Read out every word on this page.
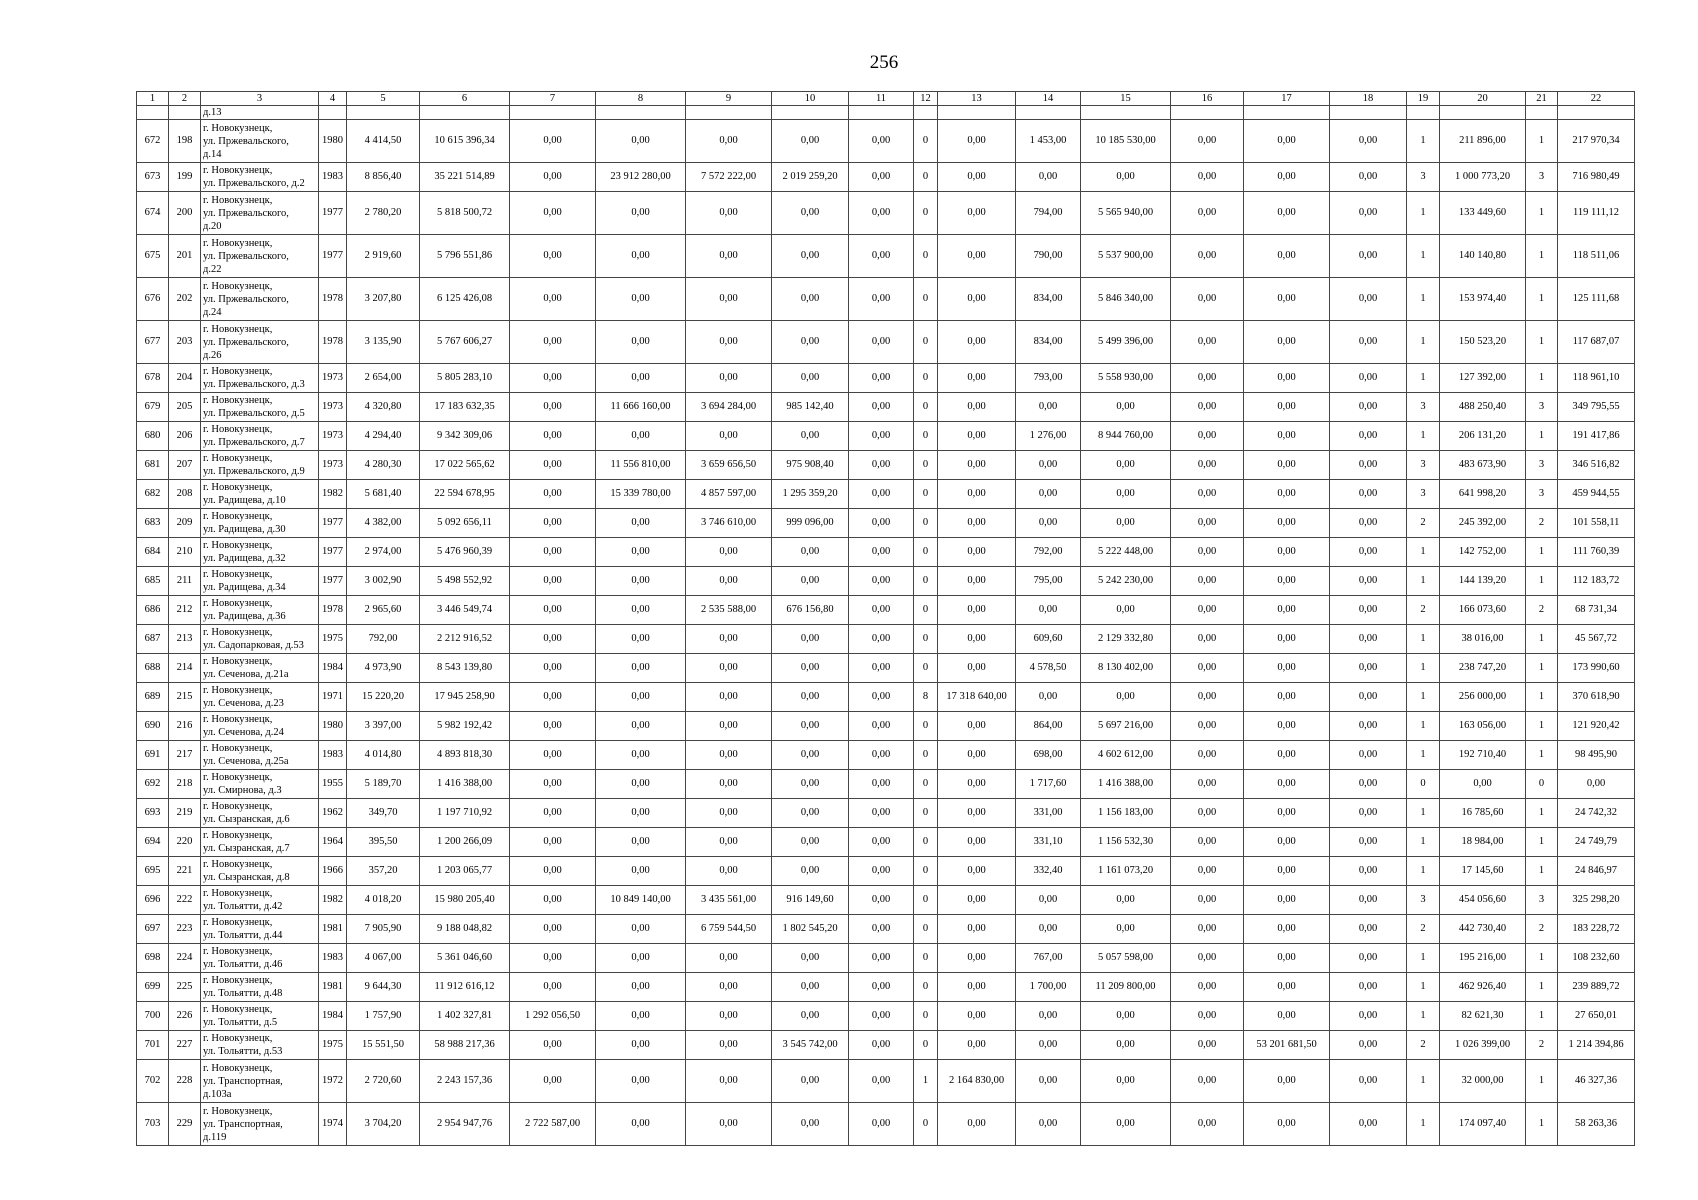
256
1	2	3	4	5	6	7	8	9	10	11	12	13	14	15	16	17	18	19	20	21	22
		д.13																			
672	198	г. Новокузнецк,
ул. Пржевальского,
д.14	1980	4 414,50	10 615 396,34	0,00	0,00	0,00	0,00	0,00	0	0,00	1 453,00	10 185 530,00	0,00	0,00	0,00	1	211 896,00	1	217 970,34
673	199	г. Новокузнецк,
ул. Пржевальского, д.2	1983	8 856,40	35 221 514,89	0,00	23 912 280,00	7 572 222,00	2 019 259,20	0,00	0	0,00	0,00	0,00	0,00	0,00	0,00	3	1 000 773,20	3	716 980,49
674	200	г. Новокузнецк,
ул. Пржевальского,
д.20	1977	2 780,20	5 818 500,72	0,00	0,00	0,00	0,00	0,00	0	0,00	794,00	5 565 940,00	0,00	0,00	0,00	1	133 449,60	1	119 111,12
675	201	г. Новокузнецк,
ул. Пржевальского,
д.22	1977	2 919,60	5 796 551,86	0,00	0,00	0,00	0,00	0,00	0	0,00	790,00	5 537 900,00	0,00	0,00	0,00	1	140 140,80	1	118 511,06
676	202	г. Новокузнецк,
ул. Пржевальского,
д.24	1978	3 207,80	6 125 426,08	0,00	0,00	0,00	0,00	0,00	0	0,00	834,00	5 846 340,00	0,00	0,00	0,00	1	153 974,40	1	125 111,68
677	203	г. Новокузнецк,
ул. Пржевальского,
д.26	1978	3 135,90	5 767 606,27	0,00	0,00	0,00	0,00	0,00	0	0,00	834,00	5 499 396,00	0,00	0,00	0,00	1	150 523,20	1	117 687,07
678	204	г. Новокузнецк,
ул. Пржевальского, д.3	1973	2 654,00	5 805 283,10	0,00	0,00	0,00	0,00	0,00	0	0,00	793,00	5 558 930,00	0,00	0,00	0,00	1	127 392,00	1	118 961,10
679	205	г. Новокузнецк,
ул. Пржевальского, д.5	1973	4 320,80	17 183 632,35	0,00	11 666 160,00	3 694 284,00	985 142,40	0,00	0	0,00	0,00	0,00	0,00	0,00	0,00	3	488 250,40	3	349 795,55
680	206	г. Новокузнецк,
ул. Пржевальского, д.7	1973	4 294,40	9 342 309,06	0,00	0,00	0,00	0,00	0,00	0	0,00	1 276,00	8 944 760,00	0,00	0,00	0,00	1	206 131,20	1	191 417,86
681	207	г. Новокузнецк,
ул. Пржевальского, д.9	1973	4 280,30	17 022 565,62	0,00	11 556 810,00	3 659 656,50	975 908,40	0,00	0	0,00	0,00	0,00	0,00	0,00	0,00	3	483 673,90	3	346 516,82
682	208	г. Новокузнецк,
ул. Радищева, д.10	1982	5 681,40	22 594 678,95	0,00	15 339 780,00	4 857 597,00	1 295 359,20	0,00	0	0,00	0,00	0,00	0,00	0,00	0,00	3	641 998,20	3	459 944,55
683	209	г. Новокузнецк,
ул. Радищева, д.30	1977	4 382,00	5 092 656,11	0,00	0,00	3 746 610,00	999 096,00	0,00	0	0,00	0,00	0,00	0,00	0,00	0,00	2	245 392,00	2	101 558,11
684	210	г. Новокузнецк,
ул. Радищева, д.32	1977	2 974,00	5 476 960,39	0,00	0,00	0,00	0,00	0,00	0	0,00	792,00	5 222 448,00	0,00	0,00	0,00	1	142 752,00	1	111 760,39
685	211	г. Новокузнецк,
ул. Радищева, д.34	1977	3 002,90	5 498 552,92	0,00	0,00	0,00	0,00	0,00	0	0,00	795,00	5 242 230,00	0,00	0,00	0,00	1	144 139,20	1	112 183,72
686	212	г. Новокузнецк,
ул. Радищева, д.36	1978	2 965,60	3 446 549,74	0,00	0,00	2 535 588,00	676 156,80	0,00	0	0,00	0,00	0,00	0,00	0,00	0,00	2	166 073,60	2	68 731,34
687	213	г. Новокузнецк,
ул. Садопарковая, д.53	1975	792,00	2 212 916,52	0,00	0,00	0,00	0,00	0,00	0	0,00	609,60	2 129 332,80	0,00	0,00	0,00	1	38 016,00	1	45 567,72
688	214	г. Новокузнецк,
ул. Сеченова, д.21а	1984	4 973,90	8 543 139,80	0,00	0,00	0,00	0,00	0,00	0	0,00	4 578,50	8 130 402,00	0,00	0,00	0,00	1	238 747,20	1	173 990,60
689	215	г. Новокузнецк,
ул. Сеченова, д.23	1971	15 220,20	17 945 258,90	0,00	0,00	0,00	0,00	0,00	8	17 318 640,00	0,00	0,00	0,00	0,00	0,00	1	256 000,00	1	370 618,90
690	216	г. Новокузнецк,
ул. Сеченова, д.24	1980	3 397,00	5 982 192,42	0,00	0,00	0,00	0,00	0,00	0	0,00	864,00	5 697 216,00	0,00	0,00	0,00	1	163 056,00	1	121 920,42
691	217	г. Новокузнецк,
ул. Сеченова, д.25а	1983	4 014,80	4 893 818,30	0,00	0,00	0,00	0,00	0,00	0	0,00	698,00	4 602 612,00	0,00	0,00	0,00	1	192 710,40	1	98 495,90
692	218	г. Новокузнецк,
ул. Смирнова, д.3	1955	5 189,70	1 416 388,00	0,00	0,00	0,00	0,00	0,00	0	0,00	1 717,60	1 416 388,00	0,00	0,00	0,00	0	0,00	0	0,00
693	219	г. Новокузнецк,
ул. Сызранская, д.6	1962	349,70	1 197 710,92	0,00	0,00	0,00	0,00	0,00	0	0,00	331,00	1 156 183,00	0,00	0,00	0,00	1	16 785,60	1	24 742,32
694	220	г. Новокузнецк,
ул. Сызранская, д.7	1964	395,50	1 200 266,09	0,00	0,00	0,00	0,00	0,00	0	0,00	331,10	1 156 532,30	0,00	0,00	0,00	1	18 984,00	1	24 749,79
695	221	г. Новокузнецк,
ул. Сызранская, д.8	1966	357,20	1 203 065,77	0,00	0,00	0,00	0,00	0,00	0	0,00	332,40	1 161 073,20	0,00	0,00	0,00	1	17 145,60	1	24 846,97
696	222	г. Новокузнецк,
ул. Тольятти, д.42	1982	4 018,20	15 980 205,40	0,00	10 849 140,00	3 435 561,00	916 149,60	0,00	0	0,00	0,00	0,00	0,00	0,00	0,00	3	454 056,60	3	325 298,20
697	223	г. Новокузнецк,
ул. Тольятти, д.44	1981	7 905,90	9 188 048,82	0,00	0,00	6 759 544,50	1 802 545,20	0,00	0	0,00	0,00	0,00	0,00	0,00	0,00	2	442 730,40	2	183 228,72
698	224	г. Новокузнецк,
ул. Тольятти, д.46	1983	4 067,00	5 361 046,60	0,00	0,00	0,00	0,00	0,00	0	0,00	767,00	5 057 598,00	0,00	0,00	0,00	1	195 216,00	1	108 232,60
699	225	г. Новокузнецк,
ул. Тольятти, д.48	1981	9 644,30	11 912 616,12	0,00	0,00	0,00	0,00	0,00	0	0,00	1 700,00	11 209 800,00	0,00	0,00	0,00	1	462 926,40	1	239 889,72
700	226	г. Новокузнецк,
ул. Тольятти, д.5	1984	1 757,90	1 402 327,81	1 292 056,50	0,00	0,00	0,00	0,00	0	0,00	0,00	0,00	0,00	0,00	0,00	1	82 621,30	1	27 650,01
701	227	г. Новокузнецк,
ул. Тольятти, д.53	1975	15 551,50	58 988 217,36	0,00	0,00	0,00	3 545 742,00	0,00	0	0,00	0,00	0,00	0,00	53 201 681,50	0,00	2	1 026 399,00	2	1 214 394,86
702	228	г. Новокузнецк,
ул. Транспортная,
д.103а	1972	2 720,60	2 243 157,36	0,00	0,00	0,00	0,00	0,00	1	2 164 830,00	0,00	0,00	0,00	0,00	0,00	1	32 000,00	1	46 327,36
703	229	г. Новокузнецк,
ул. Транспортная,
д.119	1974	3 704,20	2 954 947,76	2 722 587,00	0,00	0,00	0,00	0,00	0	0,00	0,00	0,00	0,00	0,00	0,00	1	174 097,40	1	58 263,36
